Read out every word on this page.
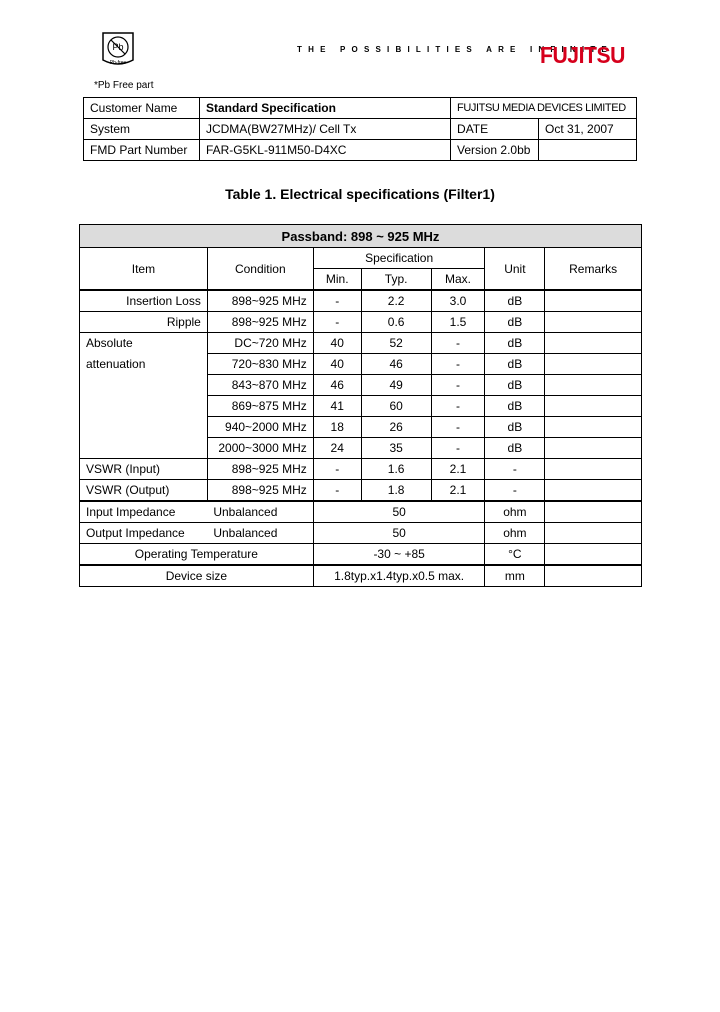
Pb
Pb-free
*Pb Free part
THE POSSIBILITIES ARE INFINITE
FUJITSU
Customer Name	Standard Specification	FUJITSU MEDIA DEVICES LIMITED	
System	JCDMA(BW27MHz)/ Cell Tx	DATE	Oct 31, 2007
FMD Part Number	FAR-G5KL-911M50-D4XC	Version 2.0bb	
Table 1. Electrical specifications (Filter1)
Passband: 898 ~ 925 MHz						
Item	Condition	Specification			Unit	Remarks
		Min.	Typ.	Max.		
Insertion Loss	898~925 MHz	-	2.2	3.0	dB	
Ripple	898~925 MHz	-	0.6	1.5	dB	
Absolute	DC~720 MHz	40	52	-	dB	
attenuation	720~830 MHz	40	46	-	dB	
	843~870 MHz	46	49	-	dB	
	869~875 MHz	41	60	-	dB	
	940~2000 MHz	18	26	-	dB	
	2000~3000 MHz	24	35	-	dB	
VSWR (Input)	898~925 MHz	-	1.6	2.1	-	
VSWR (Output)	898~925 MHz	-	1.8	2.1	-	
Input Impedance	Unbalanced	50			ohm	
Output Impedance	Unbalanced	50			ohm	
Operating Temperature		-30 ~ +85			°C	
Device size		1.8typ.x1.4typ.x0.5 max.			mm	
